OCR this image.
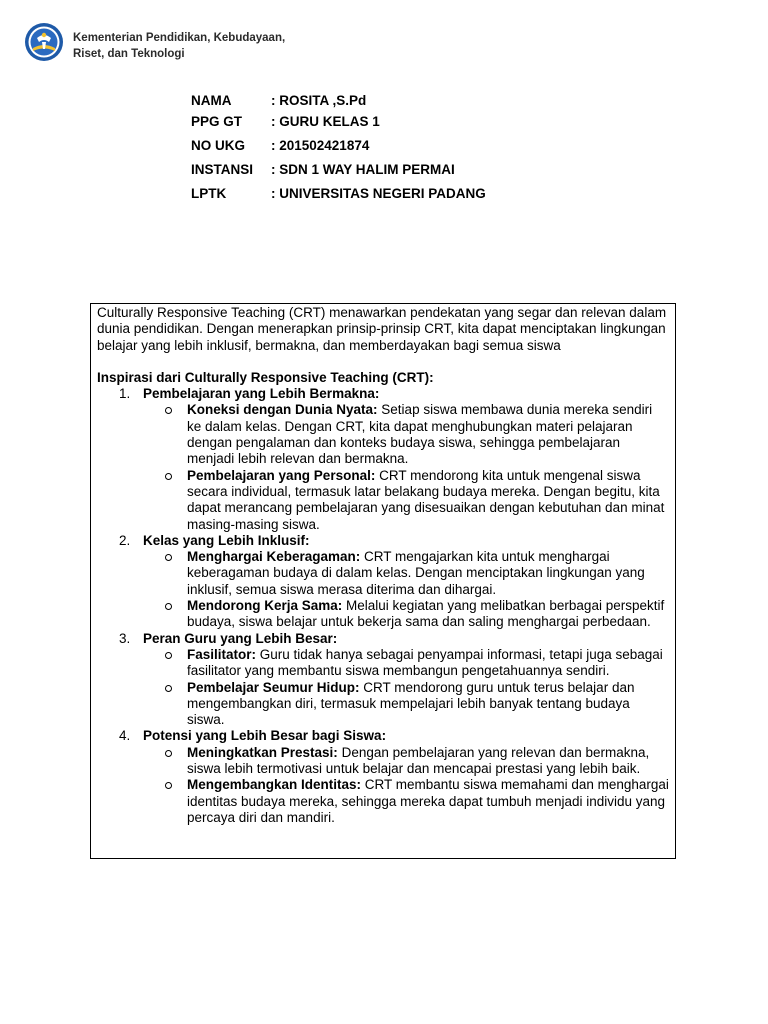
Kementerian Pendidikan, Kebudayaan,
Riset, dan Teknologi
NAMA	: ROSITA ,S.Pd
PPG GT : GURU KELAS 1
NO UKG : 201502421874
INSTANSI : SDN 1 WAY HALIM PERMAI
LPTK	: UNIVERSITAS NEGERI PADANG

Culturally Responsive Teaching (CRT) menawarkan pendekatan yang segar dan relevan dalam dunia pendidikan. Dengan menerapkan prinsip-prinsip CRT, kita dapat menciptakan lingkungan belajar yang lebih inklusif, bermakna, dan memberdayakan bagi semua siswa

Inspirasi dari Culturally Responsive Teaching (CRT):

1. Pembelajaran yang Lebih Bermakna:
Koneksi dengan Dunia Nyata: Setiap siswa membawa dunia mereka sendiri ke dalam kelas. Dengan CRT, kita dapat menghubungkan materi pelajaran dengan pengalaman dan konteks budaya siswa, sehingga pembelajaran menjadi lebih relevan dan bermakna.
Pembelajaran yang Personal: CRT mendorong kita untuk mengenal siswa secara individual, termasuk latar belakang budaya mereka. Dengan begitu, kita dapat merancang pembelajaran yang disesuaikan dengan kebutuhan dan minat masing-masing siswa.
2. Kelas yang Lebih Inklusif:
Menghargai Keberagaman: CRT mengajarkan kita untuk menghargai keberagaman budaya di dalam kelas. Dengan menciptakan lingkungan yang inklusif, semua siswa merasa diterima dan dihargai.
Mendorong Kerja Sama: Melalui kegiatan yang melibatkan berbagai perspektif budaya, siswa belajar untuk bekerja sama dan saling menghargai perbedaan.
3. Peran Guru yang Lebih Besar:
Fasilitator: Guru tidak hanya sebagai penyampai informasi, tetapi juga sebagai fasilitator yang membantu siswa membangun pengetahuannya sendiri.
Pembelajar Seumur Hidup: CRT mendorong guru untuk terus belajar dan mengembangkan diri, termasuk mempelajari lebih banyak tentang budaya siswa.
4. Potensi yang Lebih Besar bagi Siswa:
Meningkatkan Prestasi: Dengan pembelajaran yang relevan dan bermakna, siswa lebih termotivasi untuk belajar dan mencapai prestasi yang lebih baik.
Mengembangkan Identitas: CRT membantu siswa memahami dan menghargai identitas budaya mereka, sehingga mereka dapat tumbuh menjadi individu yang percaya diri dan mandiri.
